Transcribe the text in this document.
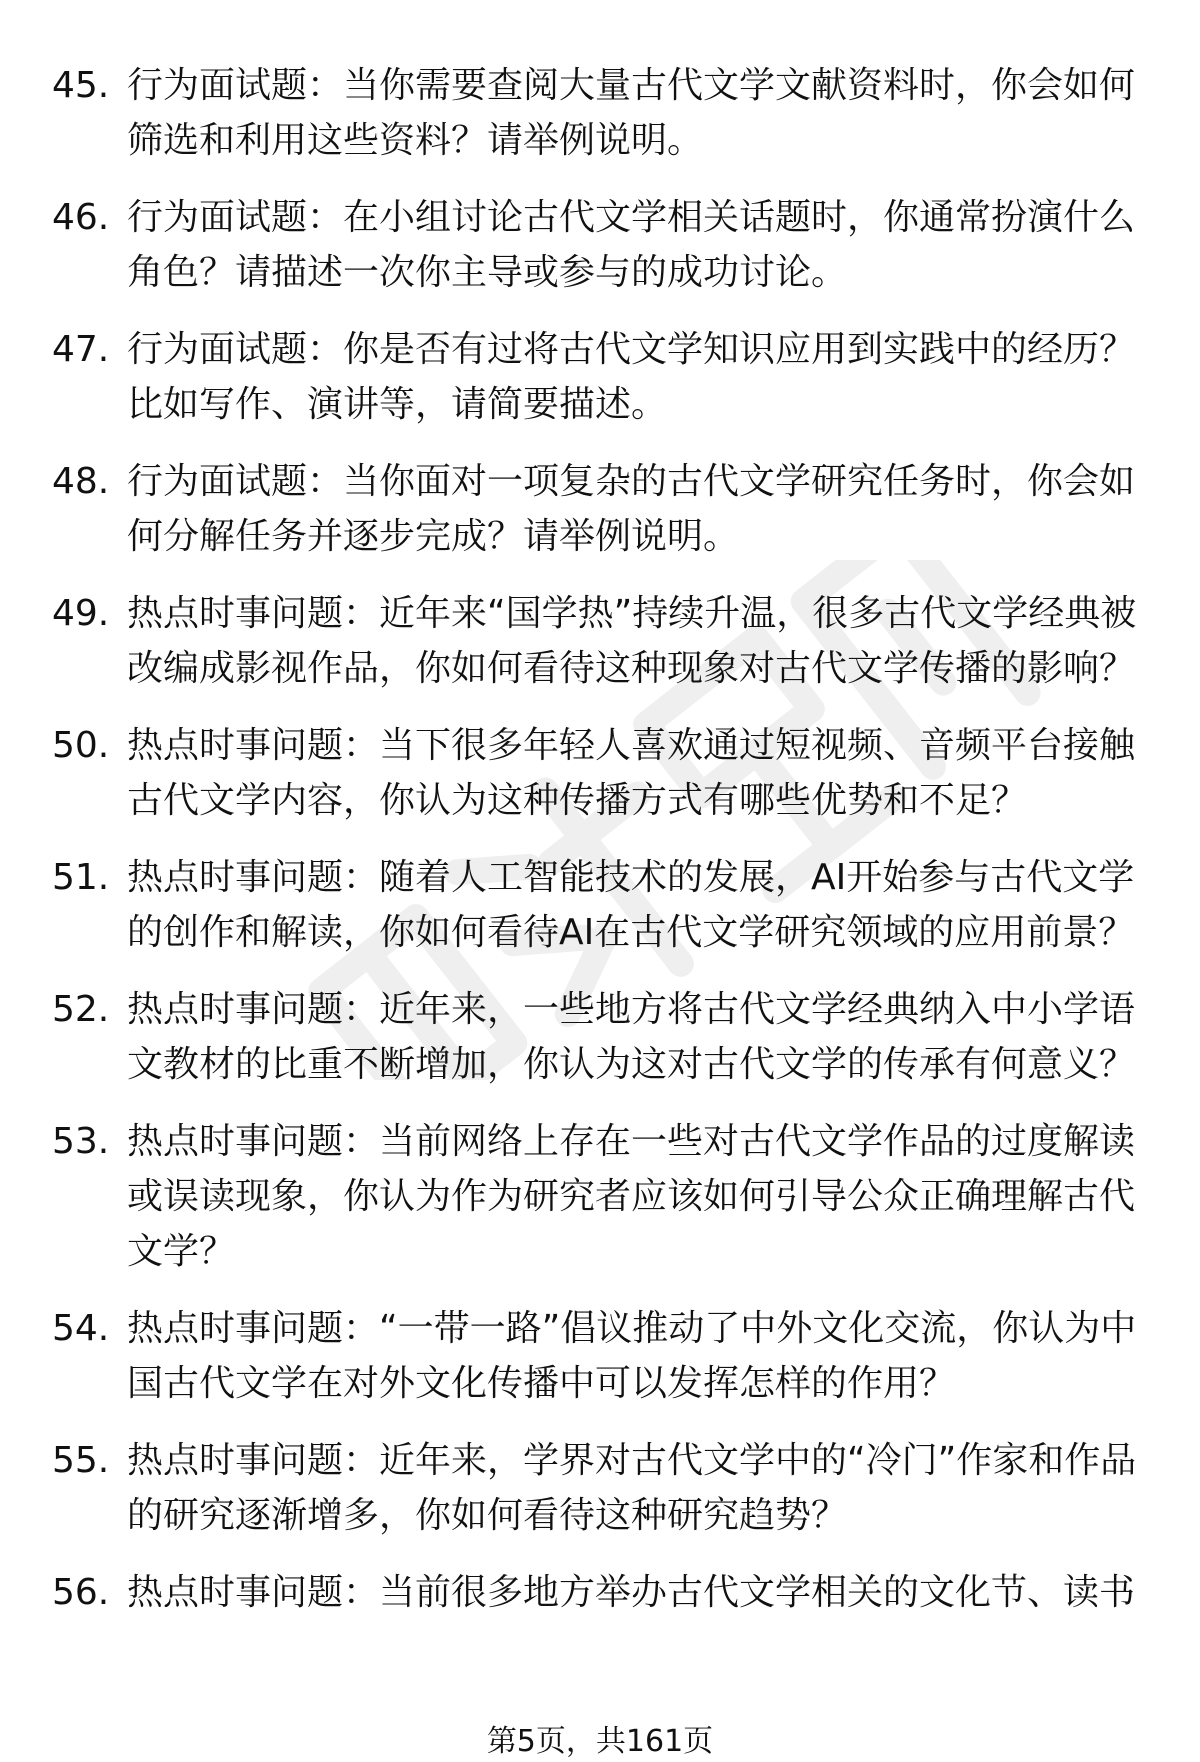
45. 行为面试题：当你需要查阅大量古代文学文献资料时，你会如何筛选和利用这些资料？请举例说明。
46. 行为面试题：在小组讨论古代文学相关话题时，你通常扮演什么角色？请描述一次你主导或参与的成功讨论。
47. 行为面试题：你是否有过将古代文学知识应用到实践中的经历？比如写作、演讲等，请简要描述。
48. 行为面试题：当你面对一项复杂的古代文学研究任务时，你会如何分解任务并逐步完成？请举例说明。
49. 热点时事问题：近年来“国学热”持续升温，很多古代文学经典被改编成影视作品，你如何看待这种现象对古代文学传播的影响？
50. 热点时事问题：当下很多年轻人喜欢通过短视频、音频平台接触古代文学内容，你认为这种传播方式有哪些优势和不足？
51. 热点时事问题：随着人工智能技术的发展，AI开始参与古代文学的创作和解读，你如何看待AI在古代文学研究领域的应用前景？
52. 热点时事问题：近年来，一些地方将古代文学经典纳入中小学语文教材的比重不断增加，你认为这对古代文学的传承有何意义？
53. 热点时事问题：当前网络上存在一些对古代文学作品的过度解读或误读现象，你认为作为研究者应该如何引导公众正确理解古代文学？
54. 热点时事问题：“一带一路”倡议推动了中外文化交流，你认为中国古代文学在对外文化传播中可以发挥怎样的作用？
55. 热点时事问题：近年来，学界对古代文学中的“冷门”作家和作品的研究逐渐增多，你如何看待这种研究趋势？
56. 热点时事问题：当前很多地方举办古代文学相关的文化节、读书
第5页，共161页
